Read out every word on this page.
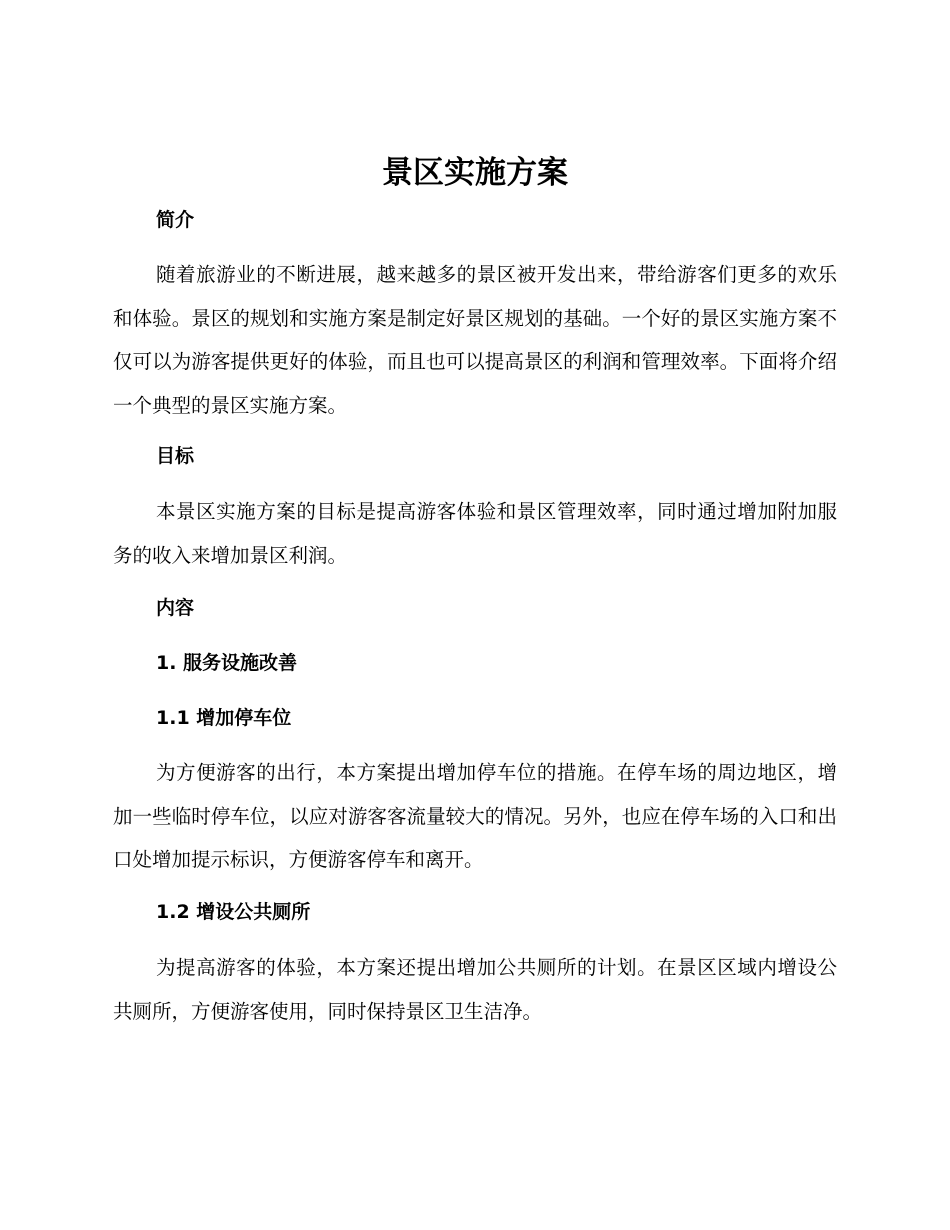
景区实施方案
简介

随着旅游业的不断进展，越来越多的景区被开发出来，带给游客们更多的欢乐和体验。景区的规划和实施方案是制定好景区规划的基础。一个好的景区实施方案不仅可以为游客提供更好的体验，而且也可以提高景区的利润和管理效率。下面将介绍一个典型的景区实施方案。

目标

本景区实施方案的目标是提高游客体验和景区管理效率，同时通过增加附加服务的收入来增加景区利润。

内容
1. 服务设施改善
1.1 增加停车位

为方便游客的出行，本方案提出增加停车位的措施。在停车场的周边地区，增加一些临时停车位，以应对游客客流量较大的情况。另外，也应在停车场的入口和出口处增加提示标识，方便游客停车和离开。

1.2 增设公共厕所

为提高游客的体验，本方案还提出增加公共厕所的计划。在景区区域内增设公共厕所，方便游客使用，同时保持景区卫生洁净。
